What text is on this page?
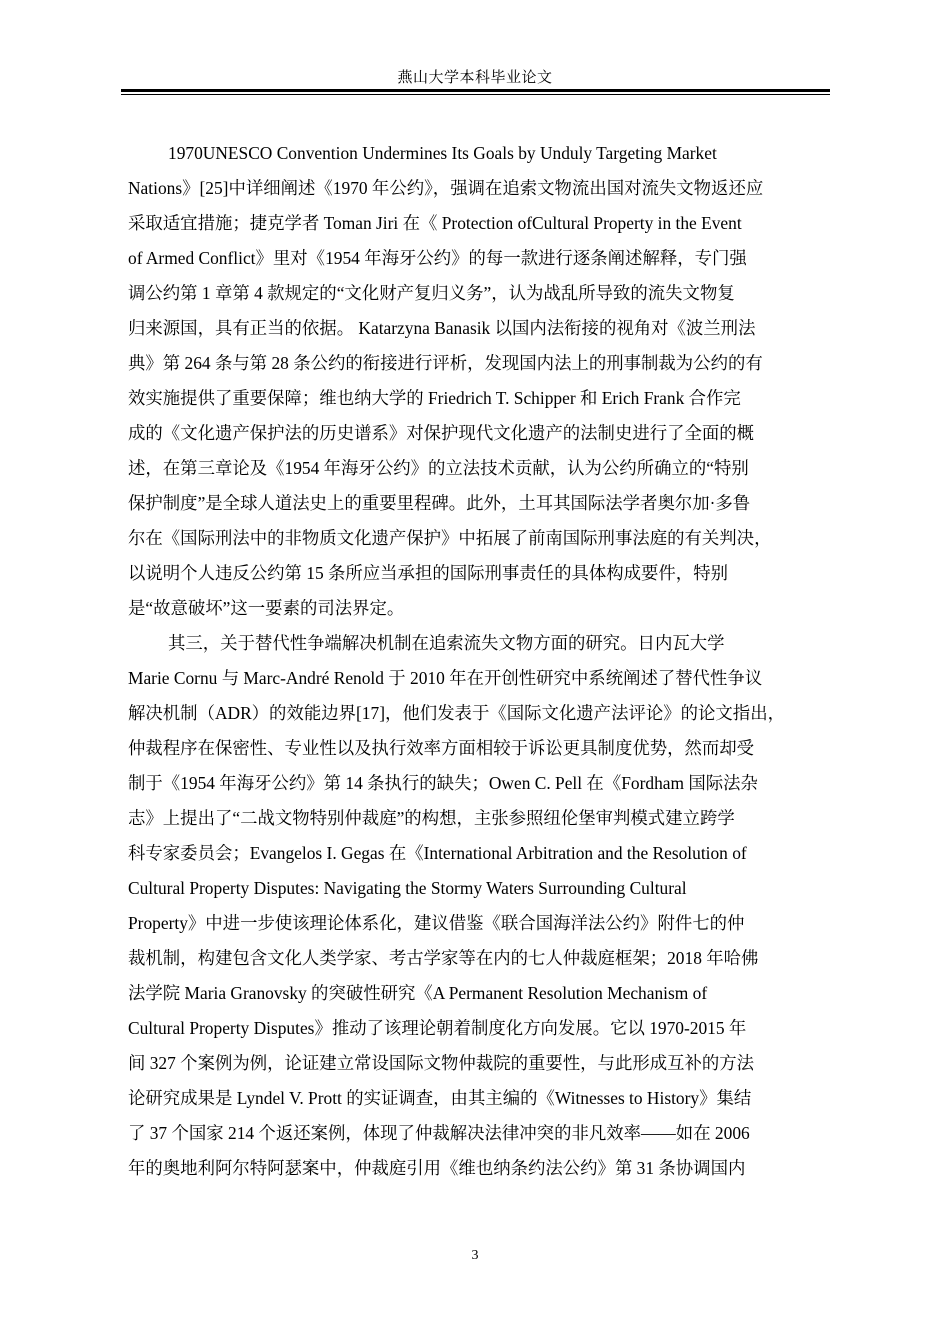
燕山大学本科毕业论文
1970UNESCO Convention Undermines Its Goals by Unduly Targeting Market
Nations》[25]中详细阐述《1970 年公约》，强调在追索文物流出国对流失文物返还应
采取适宜措施；捷克学者 Toman Jiri 在《 Protection ofCultural Property in the Event
of Armed Conflict》里对《1954 年海牙公约》的每一款进行逐条阐述解释，专门强
调公约第 1 章第 4 款规定的“文化财产复归义务”，认为战乱所导致的流失文物复
归来源国，具有正当的依据。 Katarzyna Banasik 以国内法衔接的视角对《波兰刑法
典》第 264 条与第 28 条公约的衔接进行评析，发现国内法上的刑事制裁为公约的有
效实施提供了重要保障；维也纳大学的 Friedrich T. Schipper 和 Erich Frank 合作完
成的《文化遗产保护法的历史谱系》对保护现代文化遗产的法制史进行了全面的概
述，在第三章论及《1954 年海牙公约》的立法技术贡献，认为公约所确立的“特别
保护制度”是全球人道法史上的重要里程碑。此外，土耳其国际法学者奥尔加·多鲁
尔在《国际刑法中的非物质文化遗产保护》中拓展了前南国际刑事法庭的有关判决，
以说明个人违反公约第 15 条所应当承担的国际刑事责任的具体构成要件，特别
是“故意破坏”这一要素的司法界定。
其三，关于替代性争端解决机制在追索流失文物方面的研究。日内瓦大学
Marie Cornu 与 Marc-André Renold 于 2010 年在开创性研究中系统阐述了替代性争议
解决机制（ADR）的效能边界[17]，他们发表于《国际文化遗产法评论》的论文指出，
仲裁程序在保密性、专业性以及执行效率方面相较于诉讼更具制度优势，然而却受
制于《1954 年海牙公约》第 14 条执行的缺失；Owen C. Pell 在《Fordham 国际法杂
志》上提出了“二战文物特别仲裁庭”的构想，主张参照纽伦堡审判模式建立跨学
科专家委员会；Evangelos I. Gegas 在《International Arbitration and the Resolution of
Cultural Property Disputes: Navigating the Stormy Waters Surrounding Cultural
Property》中进一步使该理论体系化，建议借鉴《联合国海洋法公约》附件七的仲
裁机制，构建包含文化人类学家、考古学家等在内的七人仲裁庭框架；2018 年哈佛
法学院 Maria Granovsky 的突破性研究《A Permanent Resolution Mechanism of
Cultural Property Disputes》推动了该理论朝着制度化方向发展。它以 1970-2015 年
间 327 个案例为例，论证建立常设国际文物仲裁院的重要性，与此形成互补的方法
论研究成果是 Lyndel V. Prott 的实证调查，由其主编的《Witnesses to History》集结
了 37 个国家 214 个返还案例，体现了仲裁解决法律冲突的非凡效率——如在 2006
年的奥地利阿尔特阿瑟案中，仲裁庭引用《维也纳条约法公约》第 31 条协调国内
3
